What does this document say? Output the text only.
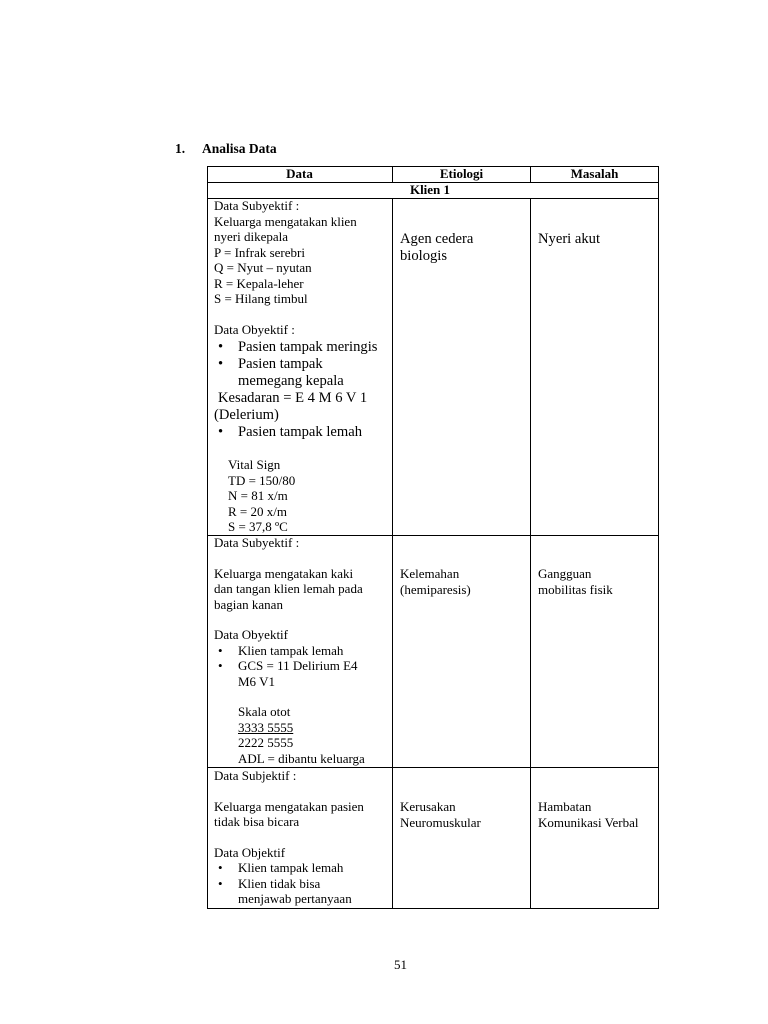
1. Analisa Data
Data	Etiologi	Masalah
Klien 1
Data Subyektif :
Keluarga mengatakan klien
nyeri dikepala
P = Infrak serebri
Q = Nyut – nyutan
R = Kepala-leher
S = Hilang timbul
Data Obyektif :
• Pasien tampak meringis
• Pasien tampak
memegang kepala
Kesadaran = E 4 M 6 V 1
(Delerium)
• Pasien tampak lemah
Vital Sign
TD = 150/80
N = 81 x/m
R = 20 x/m
S = 37,8 ºC
Agen cedera
biologis
Nyeri akut
Data Subyektif :
Keluarga mengatakan kaki
dan tangan klien lemah pada
bagian kanan
Data Obyektif
• Klien tampak lemah
• GCS = 11 Delirium E4
M6 V1
Skala otot
3333 5555
2222 5555
ADL = dibantu keluarga
Kelemahan
(hemiparesis)
Gangguan
mobilitas fisik
Data Subjektif :
Keluarga mengatakan pasien
tidak bisa bicara
Data Objektif
• Klien tampak lemah
• Klien tidak bisa
menjawab pertanyaan
Kerusakan
Neuromuskular
Hambatan
Komunikasi Verbal
51
